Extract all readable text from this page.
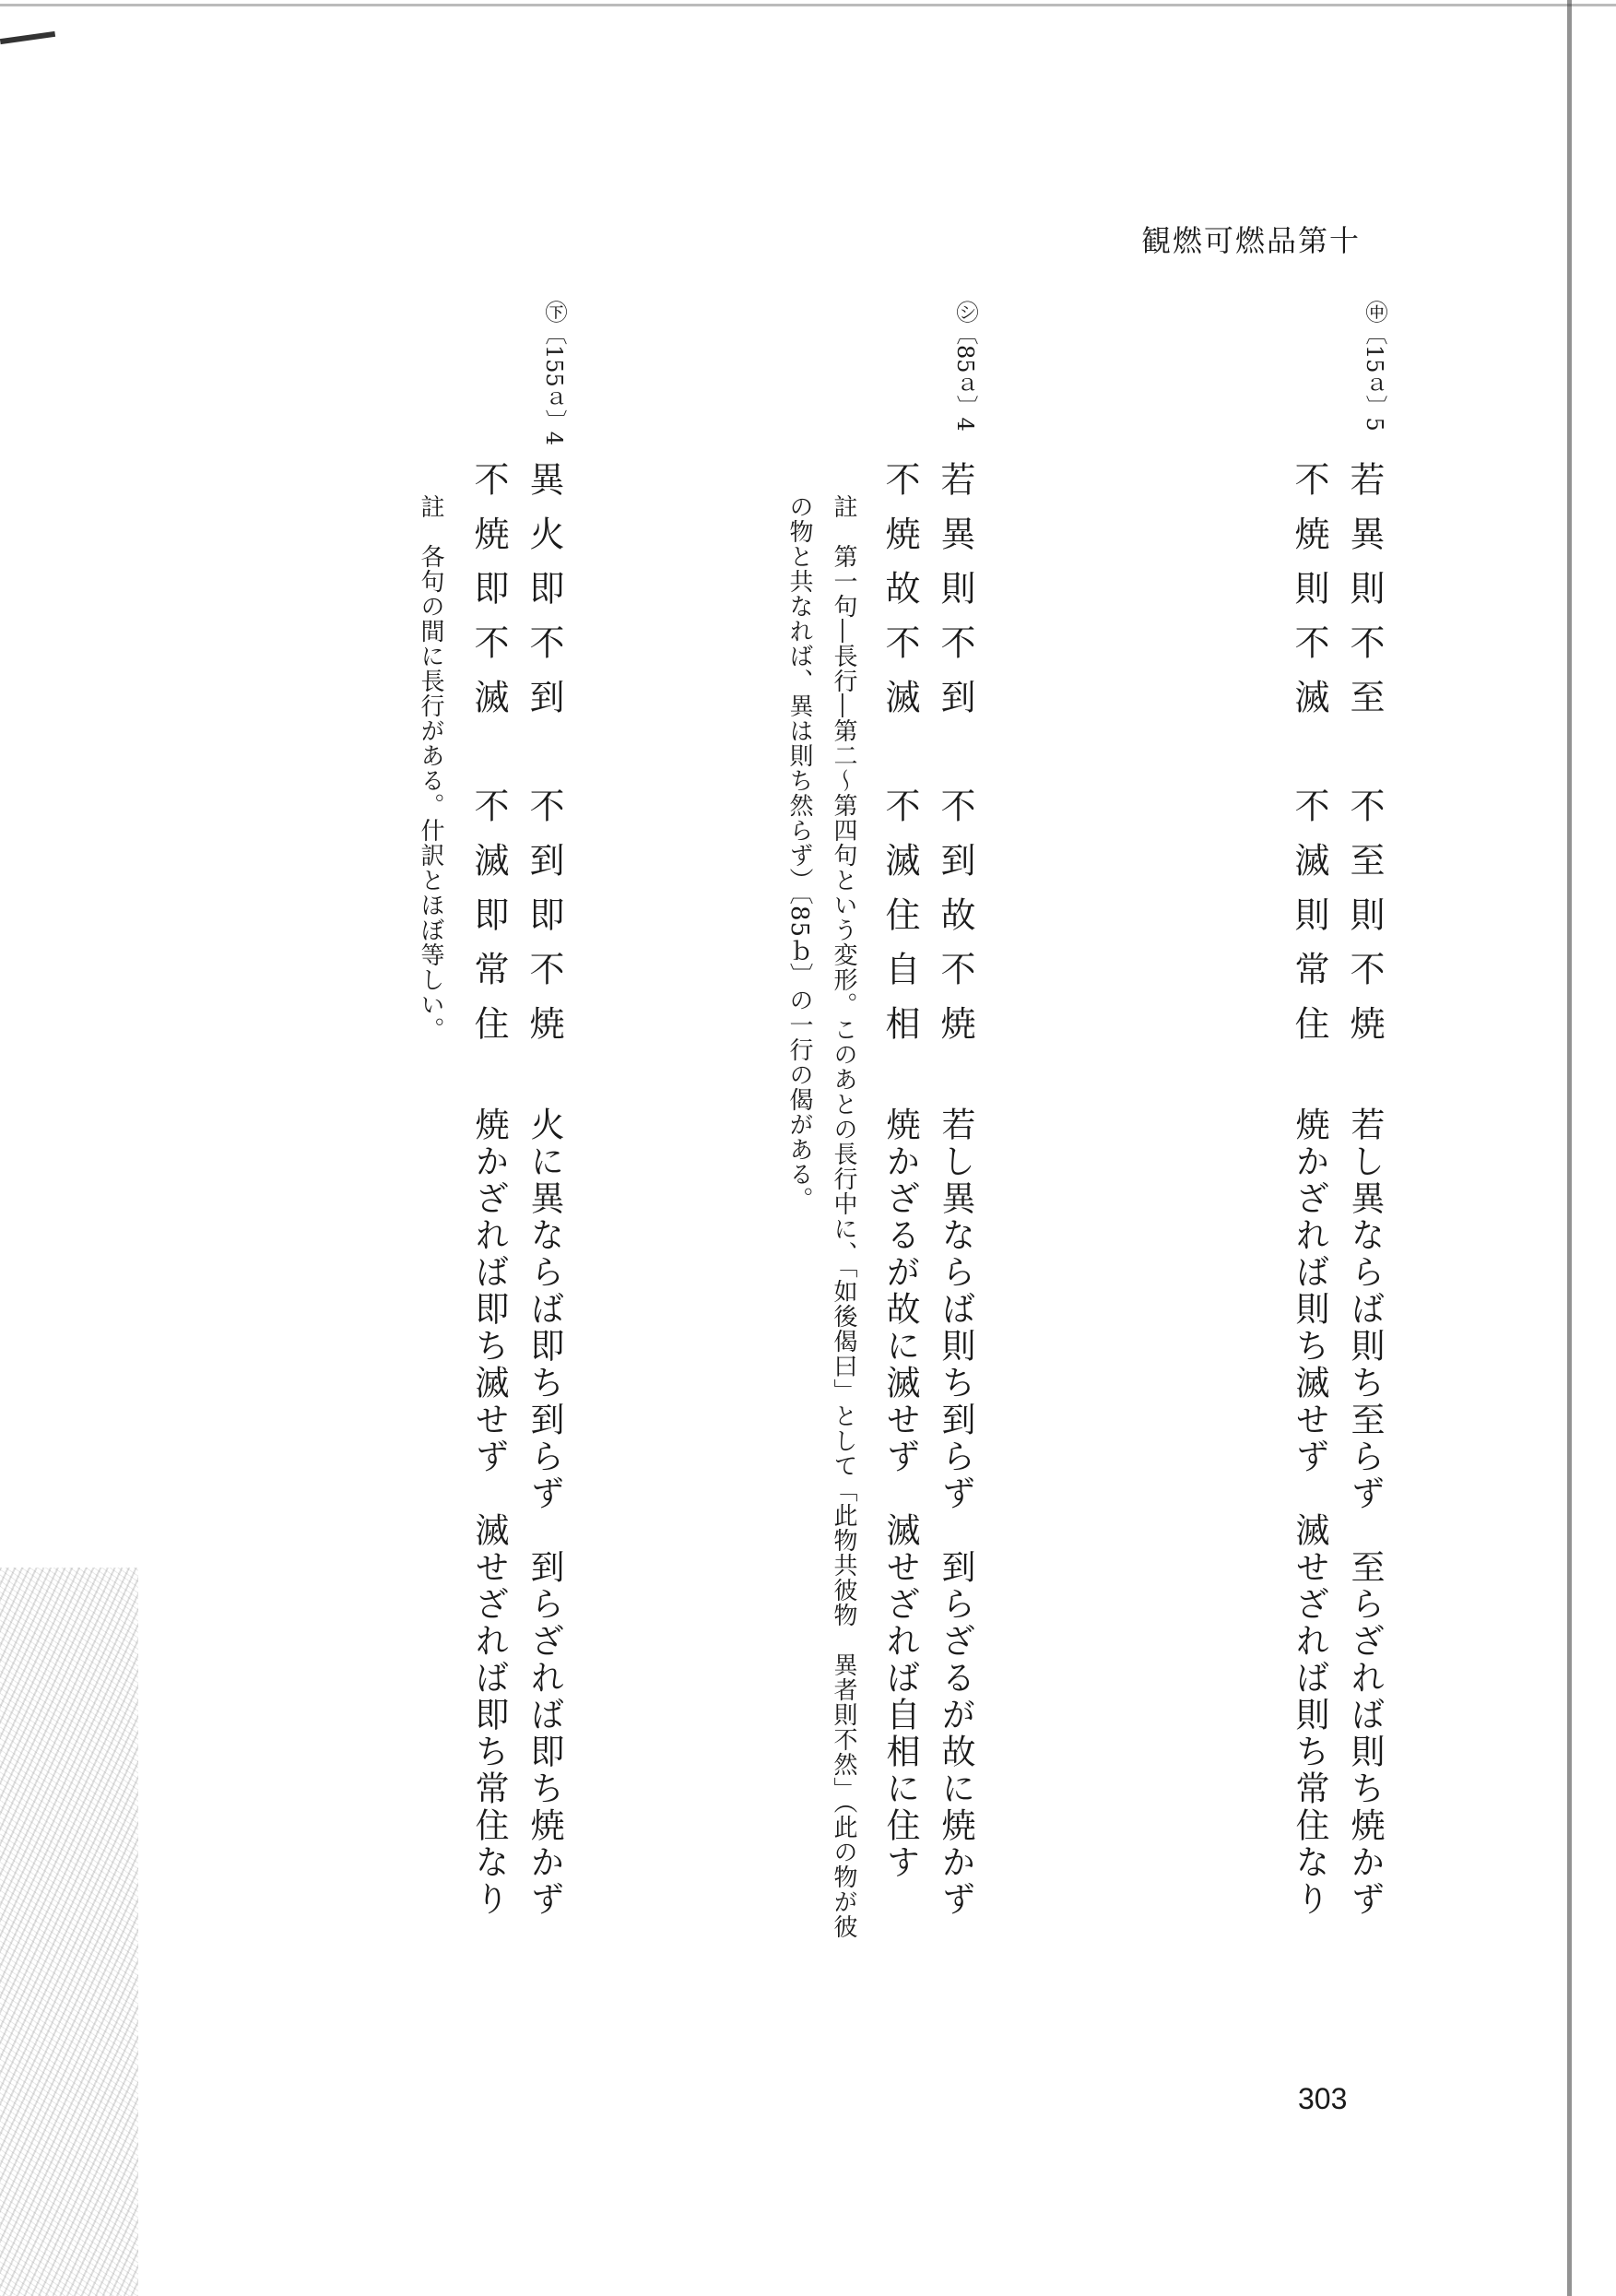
観燃可燃品第十
㊥〔15ａ〕5
若異則不至　不至則不焼
不焼則不滅　不滅則常住
若し異ならば則ち至らず　至らざれば則ち焼かず
焼かざれば則ち滅せず　滅せざれば則ち常住なり
㋛〔85ａ〕4
若異則不到　不到故不焼
不焼故不滅　不滅住自相
註　第一句―長行―第二～第四句という変形。このあとの長行中に、「如後偈曰」として「此物共彼物　異者則不然」（此の物が彼
の物と共なれば、異は則ち然らず）〔85ｂ〕の一行の偈がある。
若し異ならば則ち到らず　到らざるが故に焼かず
焼かざるが故に滅せず　滅せざれば自相に住す
㊦〔155ａ〕4
異火即不到　不到即不焼
不焼即不滅　不滅即常住
註　各句の間に長行がある。什訳とほぼ等しい。
火に異ならば即ち到らず　到らざれば即ち焼かず
焼かざれば即ち滅せず　滅せざれば即ち常住なり
303
